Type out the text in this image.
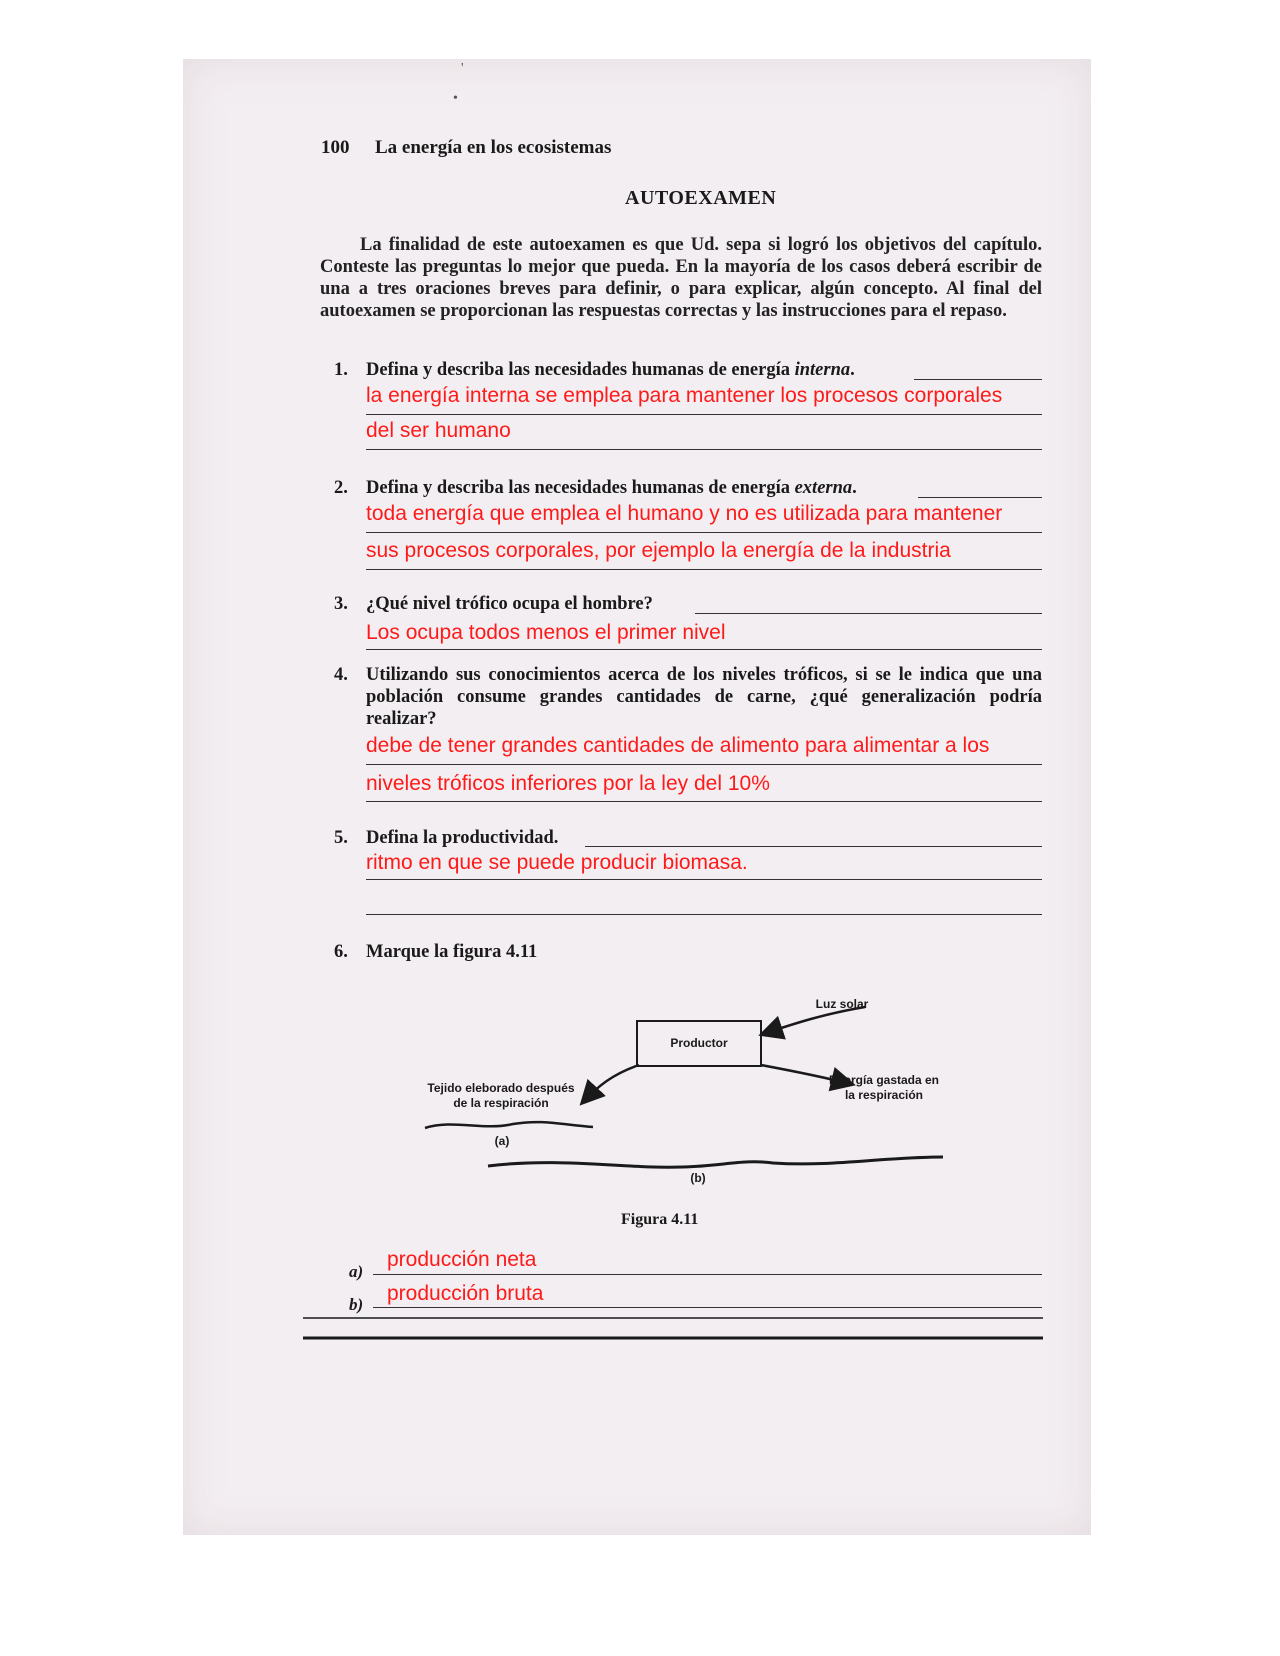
'
•
100 La energía en los ecosistemas
AUTOEXAMEN

La finalidad de este autoexamen es que Ud. sepa si logró los objetivos del capítulo. Conteste las preguntas lo mejor que pueda. En la mayoría de los casos deberá escribir de una a tres oraciones breves para definir, o para explicar, algún concepto. Al final del autoexamen se proporcionan las respuestas correctas y las instrucciones para el repaso.

1. Defina y describa las necesidades humanas de energía interna.
la energía interna se emplea para mantener los procesos corporales
del ser humano
2. Defina y describa las necesidades humanas de energía externa.
toda energía que emplea el humano y no es utilizada para mantener
sus procesos corporales, por ejemplo la energía de la industria
3. ¿Qué nivel trófico ocupa el hombre?
Los ocupa todos menos el primer nivel
4. Utilizando sus conocimientos acerca de los niveles tróficos, si se le indica que una población consume grandes cantidades de carne, ¿qué generalización podría realizar?
debe de tener grandes cantidades de alimento para alimentar a los
niveles tróficos inferiores por la ley del 10%
5. Defina la productividad.
ritmo en que se puede producir biomasa.
6. Marque la figura 4.11
Luz solar
Productor
Tejido eleborado después de la respiración
Energía gastada en la respiración
(a)
(b)
Figura 4.11
a)
producción neta
b) producción bruta
